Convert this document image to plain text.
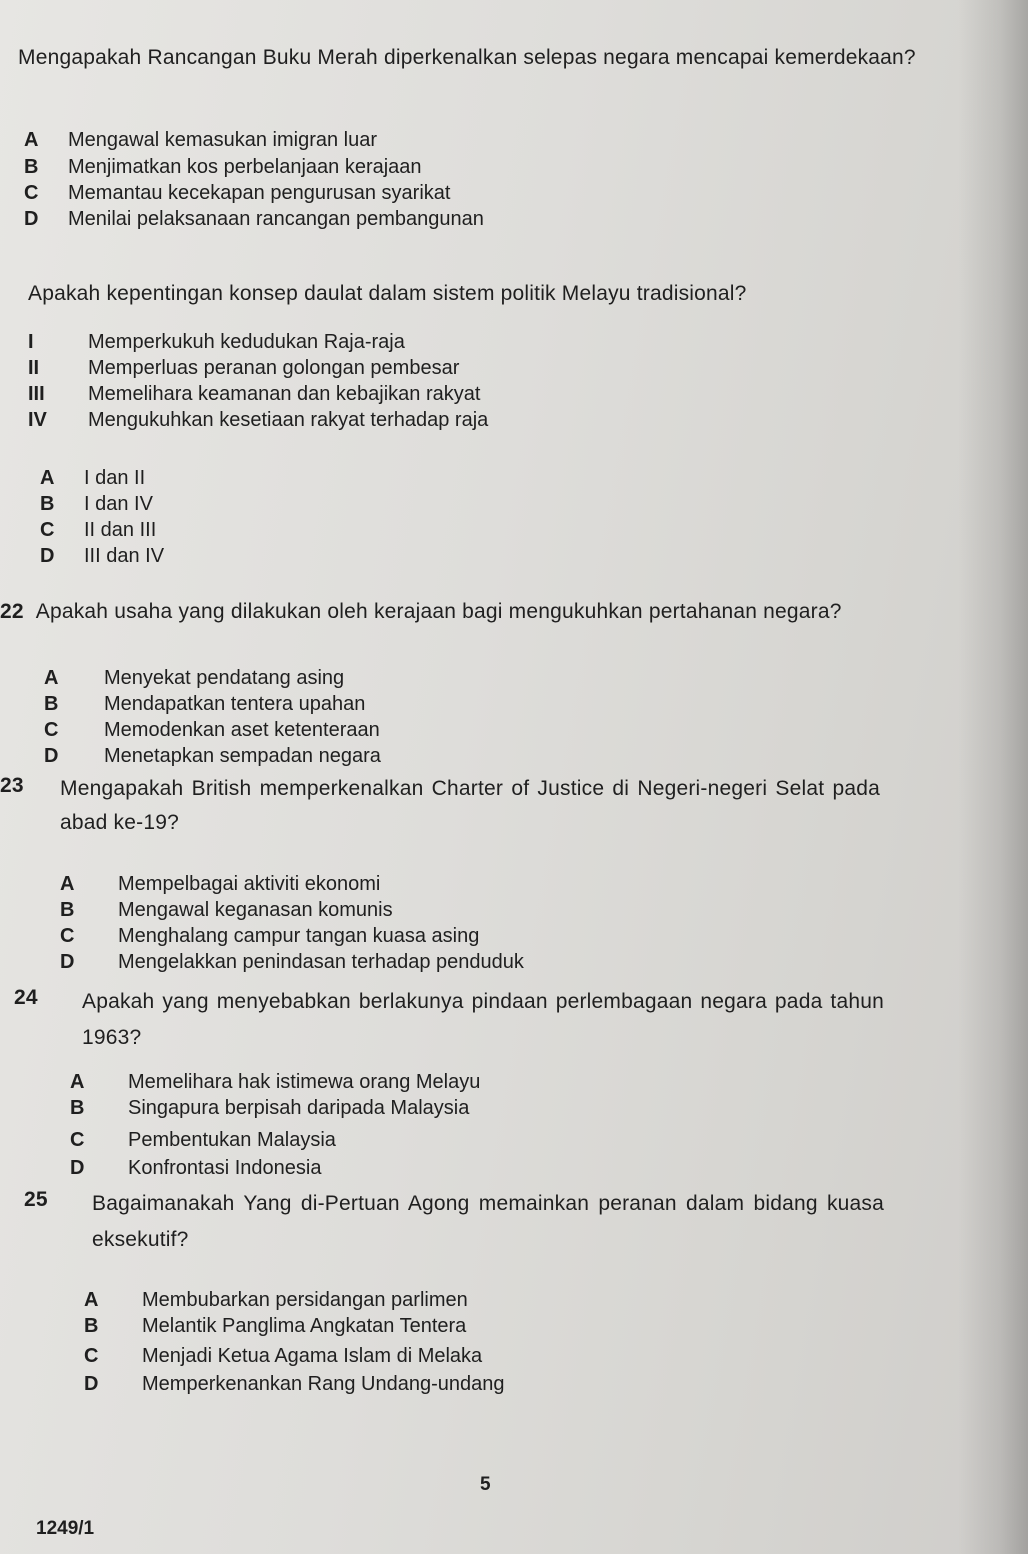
Mengapakah Rancangan Buku Merah diperkenalkan selepas negara mencapai kemerdekaan?
A Mengawal kemasukan imigran luar
B Menjimatkan kos perbelanjaan kerajaan
C Memantau kecekapan pengurusan syarikat
D Menilai pelaksanaan rancangan pembangunan
Apakah kepentingan konsep daulat dalam sistem politik Melayu tradisional?
I	Memperkukuh kedudukan Raja-raja
II Memperluas peranan golongan pembesar
III Memelihara keamanan dan kebajikan rakyat
IV Mengukuhkan kesetiaan rakyat terhadap raja
A I dan II
B I dan IV
C II dan III
D III dan IV
22 Apakah usaha yang dilakukan oleh kerajaan bagi mengukuhkan pertahanan negara?
A Menyekat pendatang asing
B Mendapatkan tentera upahan
C Memodenkan aset ketenteraan
D Menetapkan sempadan negara
23	Mengapakah British memperkenalkan Charter of Justice di Negeri-negeri Selat pada abad ke-19?
A Mempelbagai aktiviti ekonomi
B Mengawal keganasan komunis
C Menghalang campur tangan kuasa asing
D Mengelakkan penindasan terhadap penduduk
24	Apakah yang menyebabkan berlakunya pindaan perlembagaan negara pada tahun 1963?
A Memelihara hak istimewa orang Melayu
B Singapura berpisah daripada Malaysia
C Pembentukan Malaysia
D Konfrontasi Indonesia
25	Bagaimanakah Yang di-Pertuan Agong memainkan peranan dalam bidang kuasa eksekutif?
A Membubarkan persidangan parlimen
B Melantik Panglima Angkatan Tentera
C Menjadi Ketua Agama Islam di Melaka
D Memperkenankan Rang Undang-undang
5
1249/1
